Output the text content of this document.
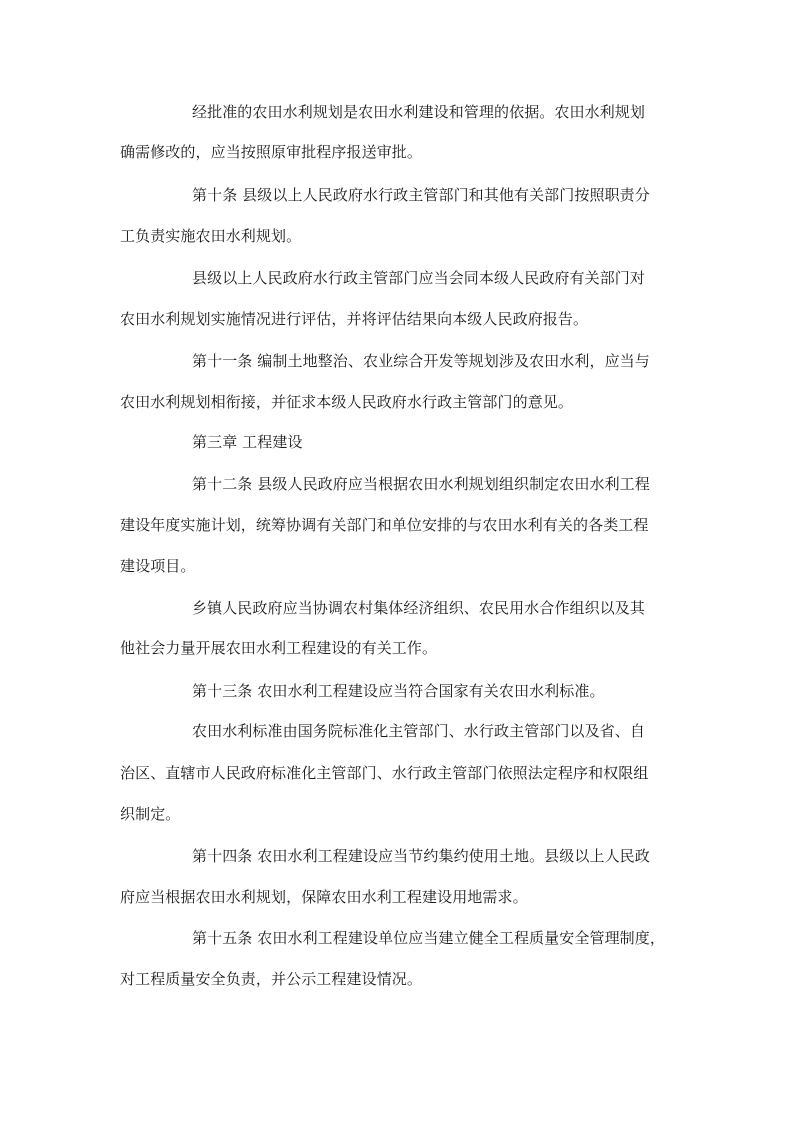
经批准的农田水利规划是农田水利建设和管理的依据。农田水利规划
确需修改的，应当按照原审批程序报送审批。
第十条 县级以上人民政府水行政主管部门和其他有关部门按照职责分
工负责实施农田水利规划。
县级以上人民政府水行政主管部门应当会同本级人民政府有关部门对
农田水利规划实施情况进行评估，并将评估结果向本级人民政府报告。
第十一条 编制土地整治、农业综合开发等规划涉及农田水利，应当与
农田水利规划相衔接，并征求本级人民政府水行政主管部门的意见。
第三章 工程建设
第十二条 县级人民政府应当根据农田水利规划组织制定农田水利工程
建设年度实施计划，统筹协调有关部门和单位安排的与农田水利有关的各类工程
建设项目。
乡镇人民政府应当协调农村集体经济组织、农民用水合作组织以及其
他社会力量开展农田水利工程建设的有关工作。
第十三条 农田水利工程建设应当符合国家有关农田水利标准。
农田水利标准由国务院标准化主管部门、水行政主管部门以及省、自
治区、直辖市人民政府标准化主管部门、水行政主管部门依照法定程序和权限组
织制定。
第十四条 农田水利工程建设应当节约集约使用土地。县级以上人民政
府应当根据农田水利规划，保障农田水利工程建设用地需求。
第十五条 农田水利工程建设单位应当建立健全工程质量安全管理制度，
对工程质量安全负责，并公示工程建设情况。
